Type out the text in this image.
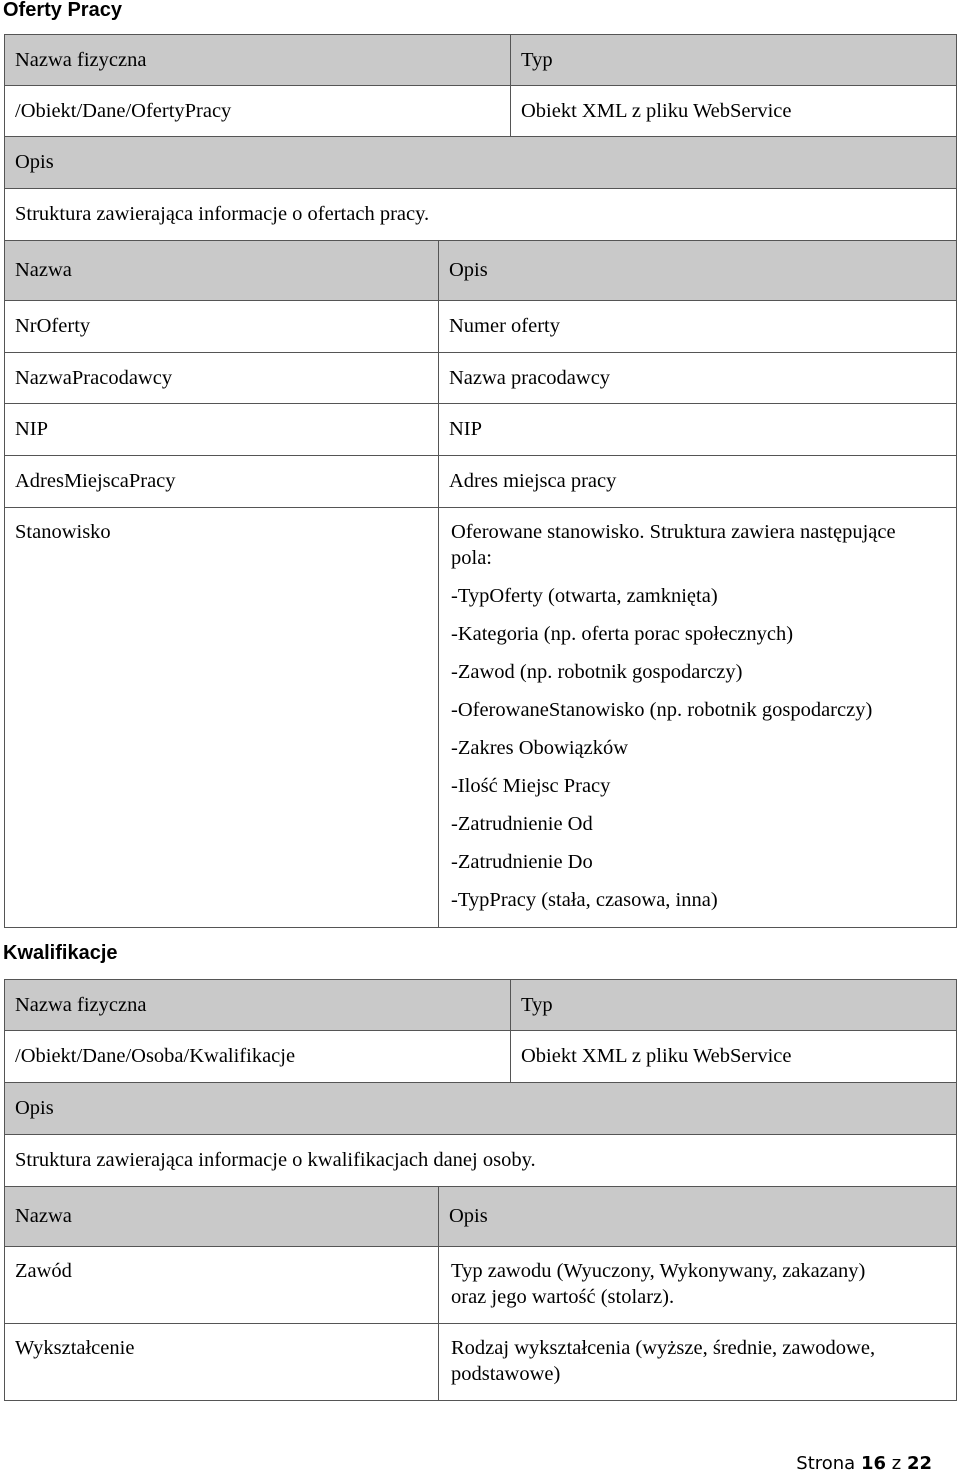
Oferty Pracy
Nazwa fizyczna	Typ
/Obiekt/Dane/OfertyPracy	Obiekt XML z pliku WebService
Opis
Struktura zawierająca informacje o ofertach pracy.
Nazwa	Opis
NrOferty	Numer oferty
NazwaPracodawcy	Nazwa pracodawcy
NIP	NIP
AdresMiejscaPracy	Adres miejsca pracy
Stanowisko	Oferowane stanowisko. Struktura zawiera następujące
pola:
-TypOferty (otwarta, zamknięta)
-Kategoria (np. oferta porac społecznych)
-Zawod (np. robotnik gospodarczy)
-OferowaneStanowisko (np. robotnik gospodarczy)
-Zakres Obowiązków
-Ilość Miejsc Pracy
-Zatrudnienie Od
-Zatrudnienie Do
-TypPracy (stała, czasowa, inna)
Kwalifikacje
Nazwa fizyczna	Typ
/Obiekt/Dane/Osoba/Kwalifikacje	Obiekt XML z pliku WebService
Opis
Struktura zawierająca informacje o kwalifikacjach danej osoby.
Nazwa	Opis
Zawód	Typ zawodu (Wyuczony, Wykonywany, zakazany)
oraz jego wartość (stolarz).
Wykształcenie	Rodzaj wykształcenia (wyższe, średnie, zawodowe,
podstawowe)
Strona 16 z 22
